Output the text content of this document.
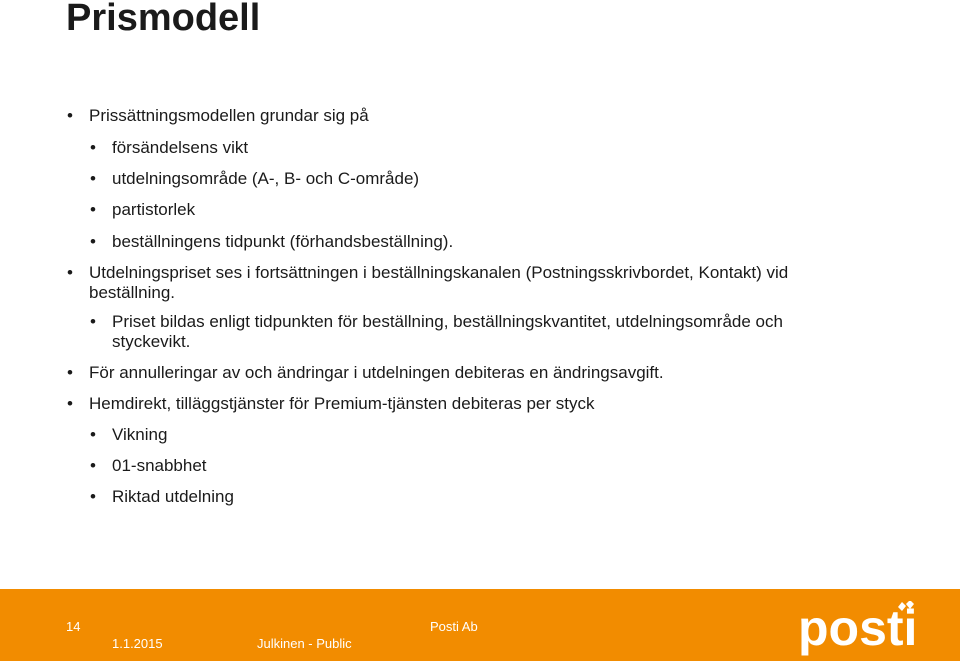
Prismodell
• Prissättningsmodellen grundar sig på
• försändelsens vikt
• utdelningsområde (A-, B- och C-område)
• partistorlek
• beställningens tidpunkt (förhandsbeställning).
• Utdelningspriset ses i fortsättningen i beställningskanalen (Postningsskrivbordet, Kontakt) vid beställning.
• Priset bildas enligt tidpunkten för beställning, beställningskvantitet, utdelningsområde och styckevikt.
• För annulleringar av och ändringar i utdelningen debiteras en ändringsavgift.
• Hemdirekt, tilläggstjänster för Premium-tjänsten debiteras per styck
• Vikning
• 01-snabbhet
• Riktad utdelning
14
1.1.2015	Julkinen - Public
Posti Ab	posti
